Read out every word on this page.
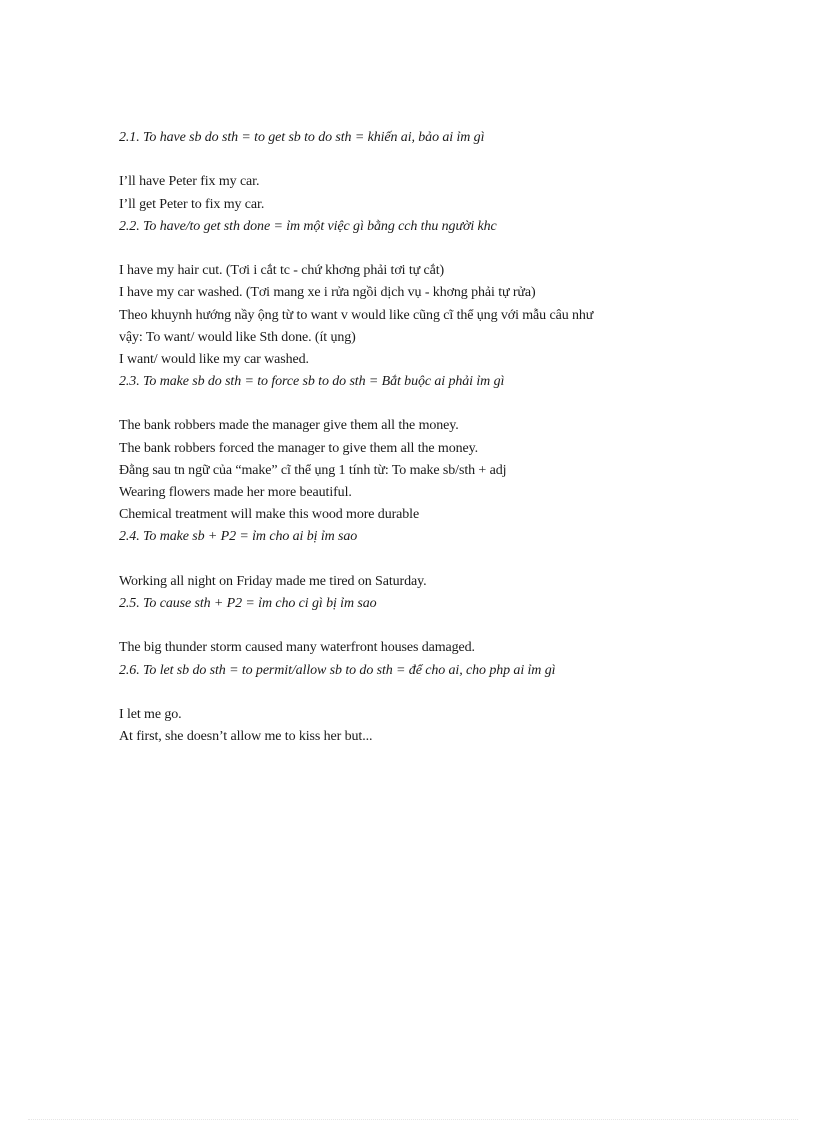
2.1. To have sb do sth = to get sb to do sth = khiến ai, bảo ai ỉm gì
I’ll have Peter fix my car.
I’ll get Peter to fix my car.
2.2. To have/to get sth done = ỉm một việc gì bằng cch thu người khc
I have my hair cut. (Tơi i cắt tc - chứ khơng phải tơi tự cắt)
I have my car washed. (Tơi mang xe i rửa ngồi dịch vụ - khơng phải tự rửa)
Theo khuynh hướng nầy ộng từ to want v would like cũng cĩ thể ụng với mẫu câu như
vậy: To want/ would like Sth done. (ít ụng)
I want/ would like my car washed.
2.3. To make sb do sth = to force sb to do sth = Bắt buộc ai phải ỉm gì
The bank robbers made the manager give them all the money.
The bank robbers forced the manager to give them all the money.
Đằng sau tn ngữ của “make” cĩ thể ụng 1 tính từ: To make sb/sth + adj
Wearing flowers made her more beautiful.
Chemical treatment will make this wood more durable
2.4. To make sb + P2 = ỉm cho ai bị ỉm sao
Working all night on Friday made me tired on Saturday.
2.5. To cause sth + P2 = ỉm cho ci gì bị ỉm sao
The big thunder storm caused many waterfront houses damaged.
2.6. To let sb do sth = to permit/allow sb to do sth = để cho ai, cho php ai ỉm gì
I let me go.
At first, she doesn’t allow me to kiss her but...
